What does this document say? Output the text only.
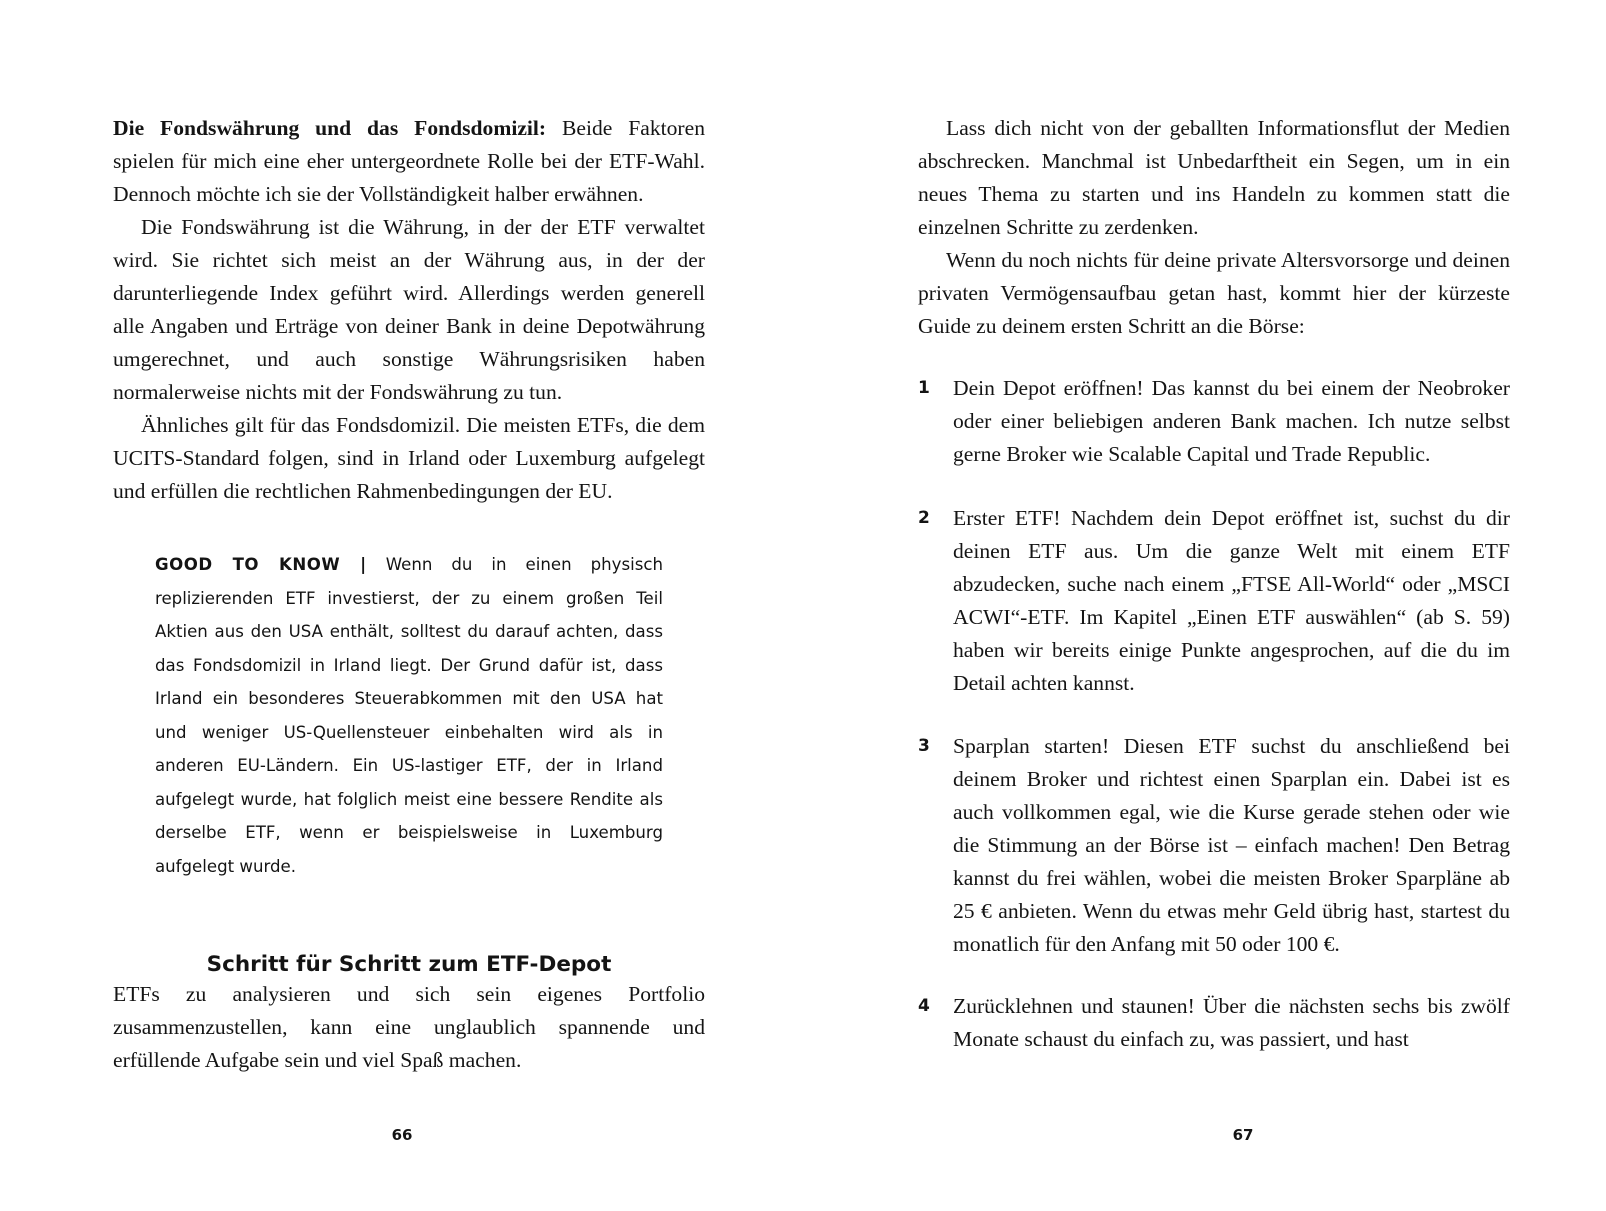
Die Fondswährung und das Fondsdomizil: Beide Faktoren spielen für mich eine eher untergeordnete Rolle bei der ETF-Wahl. Dennoch möchte ich sie der Vollständigkeit halber erwähnen.

Die Fondswährung ist die Währung, in der der ETF verwaltet wird. Sie richtet sich meist an der Währung aus, in der der darunterliegende Index geführt wird. Allerdings werden generell alle Angaben und Erträge von deiner Bank in deine Depotwährung umgerechnet, und auch sonstige Währungsrisiken haben normalerweise nichts mit der Fondswährung zu tun.

Ähnliches gilt für das Fondsdomizil. Die meisten ETFs, die dem UCITS-Standard folgen, sind in Irland oder Luxemburg aufgelegt und erfüllen die rechtlichen Rahmenbedingungen der EU.

GOOD TO KNOW | Wenn du in einen physisch replizierenden ETF investierst, der zu einem großen Teil Aktien aus den USA enthält, solltest du darauf achten, dass das Fondsdomizil in Irland liegt. Der Grund dafür ist, dass Irland ein besonderes Steuerabkommen mit den USA hat und weniger US-Quellensteuer einbehalten wird als in anderen EU-Ländern. Ein US-lastiger ETF, der in Irland aufgelegt wurde, hat folglich meist eine bessere Rendite als derselbe ETF, wenn er beispielsweise in Luxemburg aufgelegt wurde.
Schritt für Schritt zum ETF-Depot

ETFs zu analysieren und sich sein eigenes Portfolio zusammenzustellen, kann eine unglaublich spannende und erfüllende Aufgabe sein und viel Spaß machen.

66

Lass dich nicht von der geballten Informationsflut der Medien abschrecken. Manchmal ist Unbedarftheit ein Segen, um in ein neues Thema zu starten und ins Handeln zu kommen statt die einzelnen Schritte zu zerdenken.

Wenn du noch nichts für deine private Altersvorsorge und deinen privaten Vermögensaufbau getan hast, kommt hier der kürzeste Guide zu deinem ersten Schritt an die Börse:

1 Dein Depot eröffnen! Das kannst du bei einem der Neobroker oder einer beliebigen anderen Bank machen. Ich nutze selbst gerne Broker wie Scalable Capital und Trade Republic.
2 Erster ETF! Nachdem dein Depot eröffnet ist, suchst du dir deinen ETF aus. Um die ganze Welt mit einem ETF abzudecken, suche nach einem „FTSE All-World“ oder „MSCI ACWI“-ETF. Im Kapitel „Einen ETF auswählen“ (ab S. 59) haben wir bereits einige Punkte angesprochen, auf die du im Detail achten kannst.
3 Sparplan starten! Diesen ETF suchst du anschließend bei deinem Broker und richtest einen Sparplan ein. Dabei ist es auch vollkommen egal, wie die Kurse gerade stehen oder wie die Stimmung an der Börse ist – einfach machen! Den Betrag kannst du frei wählen, wobei die meisten Broker Sparpläne ab 25 € anbieten. Wenn du etwas mehr Geld übrig hast, startest du monatlich für den Anfang mit 50 oder 100 €.
4 Zurücklehnen und staunen! Über die nächsten sechs bis zwölf Monate schaust du einfach zu, was passiert, und hast
67
